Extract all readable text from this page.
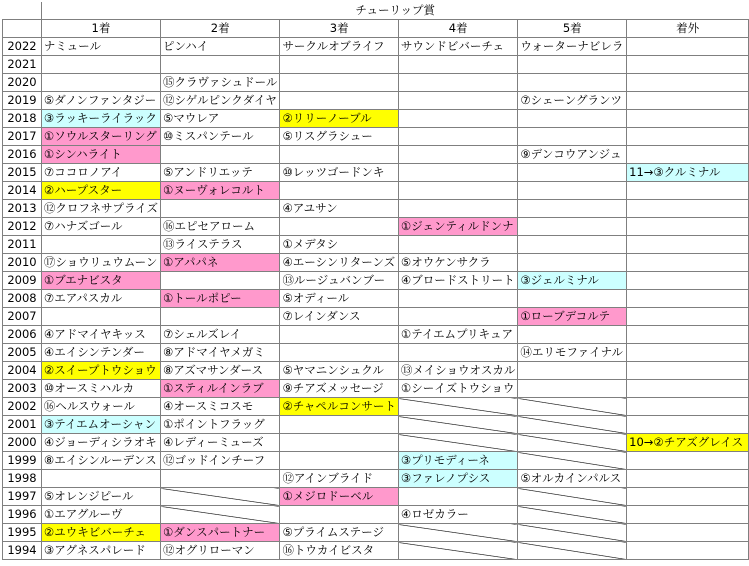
	チューリップ賞					
	1着	2着	3着	4着	5着	着外
2022	ナミュール	ピンハイ	サークルオブライフ	サウンドビバーチェ	ウォーターナビレラ	
2021						
2020		⑮クラヴァシュドール				
2019	⑤ダノンファンタジー	⑫シゲルピンクダイヤ			⑦シェーングランツ	
2018	③ラッキーライラック	⑤マウレア	②リリーノーブル			
2017	①ソウルスターリング	⑩ミスパンテール	⑤リスグラシュー			
2016	①シンハライト				⑨デンコウアンジュ	
2015	⑦ココロノアイ	⑤アンドリエッテ	⑩レッツゴードンキ			11→③クルミナル
2014	②ハープスター	①ヌーヴォレコルト				
2013	⑫クロフネサプライズ		④アユサン			
2012	⑦ハナズゴール	⑯エピセアローム		①ジェンティルドンナ		
2011		⑬ライステラス	①メデタシ			
2010	⑰ショウリュウムーン	①アパパネ	④エーシンリターンズ	⑤オウケンサクラ		
2009	①ブエナビスタ		⑬ルージュバンブー	④ブロードストリート	③ジェルミナル	
2008	⑦エアパスカル	①トールポピー	⑤オディール			
2007			⑦レインダンス		①ローブデコルテ	
2006	④アドマイヤキッス	⑦シェルズレイ		①テイエムプリキュア		
2005	④エイシンテンダー	⑧アドマイヤメガミ			⑭エリモファイナル	
2004	②スイープトウショウ	⑧アズマサンダース	⑤ヤマニンシュクル	⑬メイショウオスカル		
2003	⑩オースミハルカ	①スティルインラブ	⑨チアズメッセージ	①シーイズトウショウ		
2002	⑯ヘルスウォール	④オースミコスモ	②チャペルコンサート			
2001	③テイエムオーシャン	①ポイントフラッグ				
2000	④ジョーディシラオキ	④レディーミューズ				10→②チアズグレイス
1999	⑧エイシンルーデンス	⑫ゴッドインチーフ		③プリモディーネ		
1998			⑫アインブライド	③ファレノプシス	⑤オルカインパルス	
1997	⑤オレンジピール		①メジロドーベル			
1996	①エアグルーヴ			④ロゼカラー		
1995	②ユウキビバーチェ	①ダンスパートナー	⑤プライムステージ			
1994	③アグネスパレード	⑫オグリローマン	⑯トウカイビスタ			
